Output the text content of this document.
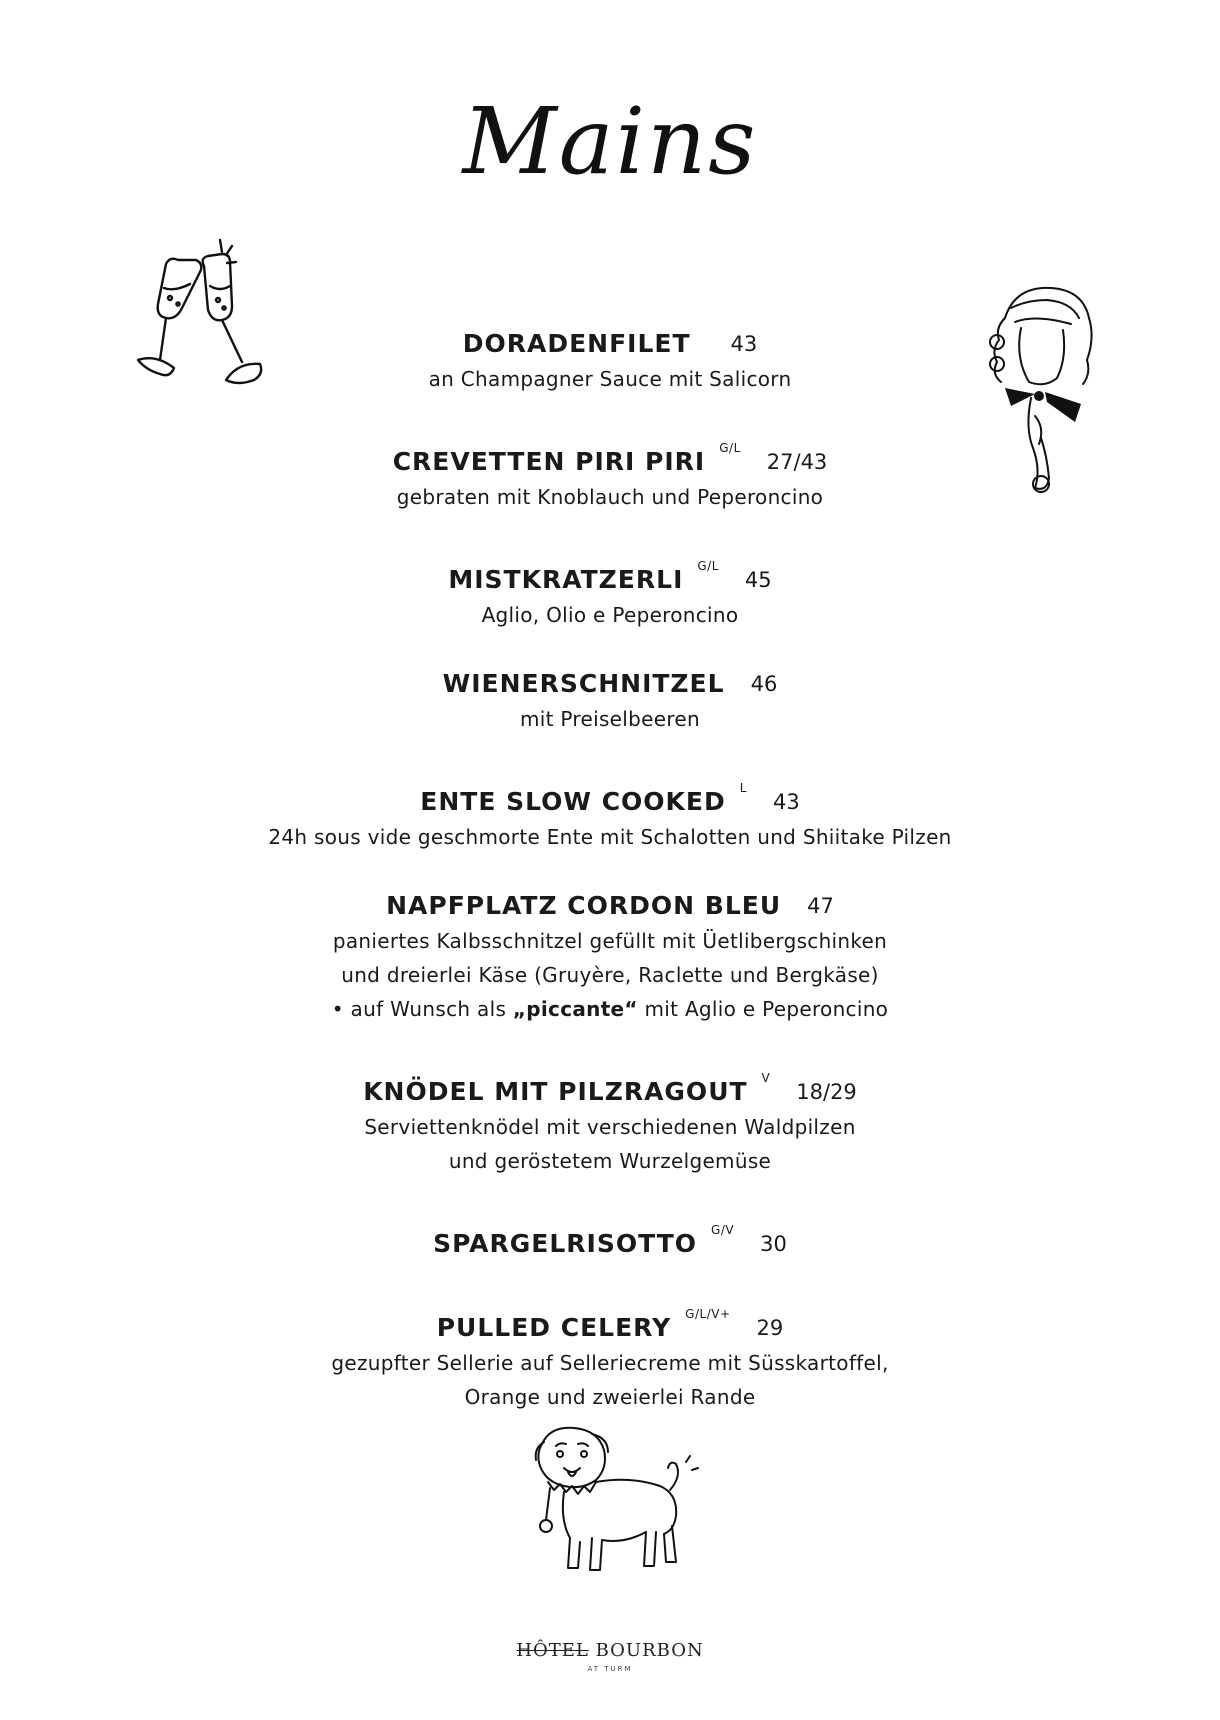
Mains
DORADENFILET 43

an Champagner Sauce mit Salicorn

CREVETTEN PIRI PIRI $^{G/L}$27/43

gebraten mit Knoblauch und Peperoncino

MISTKRATZERLI $^{G/L}$45

Aglio, Olio e Peperoncino

WIENERSCHNITZEL 46

mit Preiselbeeren

ENTE SLOW COOKED $^L$43

24h sous vide geschmorte Ente mit Schalotten und Shiitake Pilzen

NAPFPLATZ CORDON BLEU 47

paniertes Kalbsschnitzel gefüllt mit Üetlibergschinken

und dreierlei Käse (Gruyère, Raclette und Bergkäse)

• auf Wunsch als „piccante“ mit Aglio e Peperoncino

KNÖDEL MIT PILZRAGOUT $^V$18/29

Serviettenknödel mit verschiedenen Waldpilzen

und geröstetem Wurzelgemüse

SPARGELRISOTTO $^{G/V}$30
PULLED CELERY $^{G/L/V+}$29

gezupfter Sellerie auf Selleriecreme mit Süsskartoffel,

Orange und zweierlei Rande

HÔTEL BOURBON
AT TURM
